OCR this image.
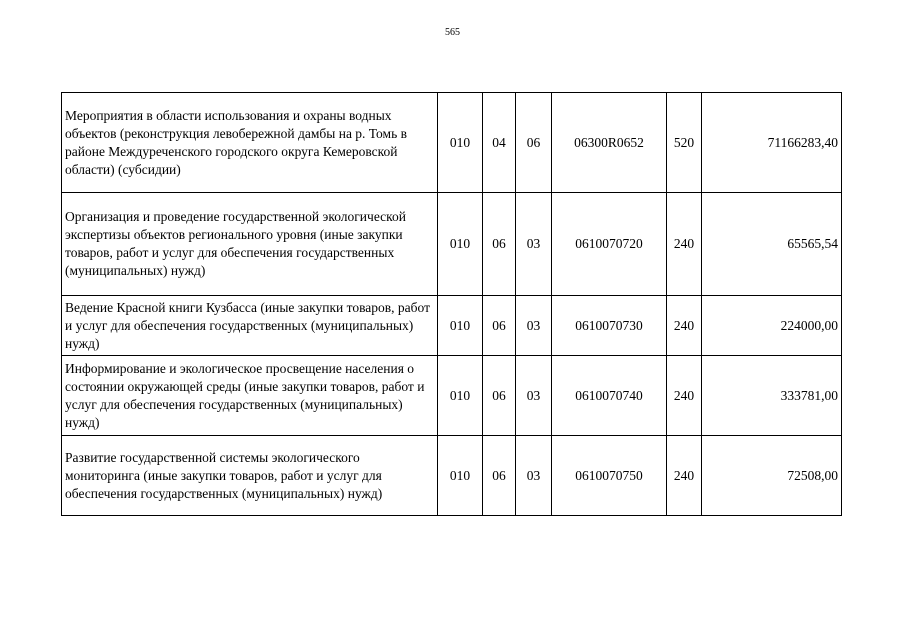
565
Мероприятия в области использования и охраны водных объектов (реконструкция левобережной дамбы на р. Томь в районе Междуреченского городского округа Кемеровской области) (субсидии)	010	04	06	06300R0652	520	71166283,40
Организация и проведение государственной экологической экспертизы объектов регионального уровня (иные закупки товаров, работ и услуг для обеспечения государственных (муниципальных) нужд)	010	06	03	0610070720	240	65565,54
Ведение Красной книги Кузбасса (иные закупки товаров, работ и услуг для обеспечения государственных (муниципальных) нужд)	010	06	03	0610070730	240	224000,00
Информирование и экологическое просвещение населения о состоянии окружающей среды (иные закупки товаров, работ и услуг для обеспечения государственных (муниципальных) нужд)	010	06	03	0610070740	240	333781,00
Развитие государственной системы экологического мониторинга (иные закупки товаров, работ и услуг для обеспечения государственных (муниципальных) нужд)	010	06	03	0610070750	240	72508,00
